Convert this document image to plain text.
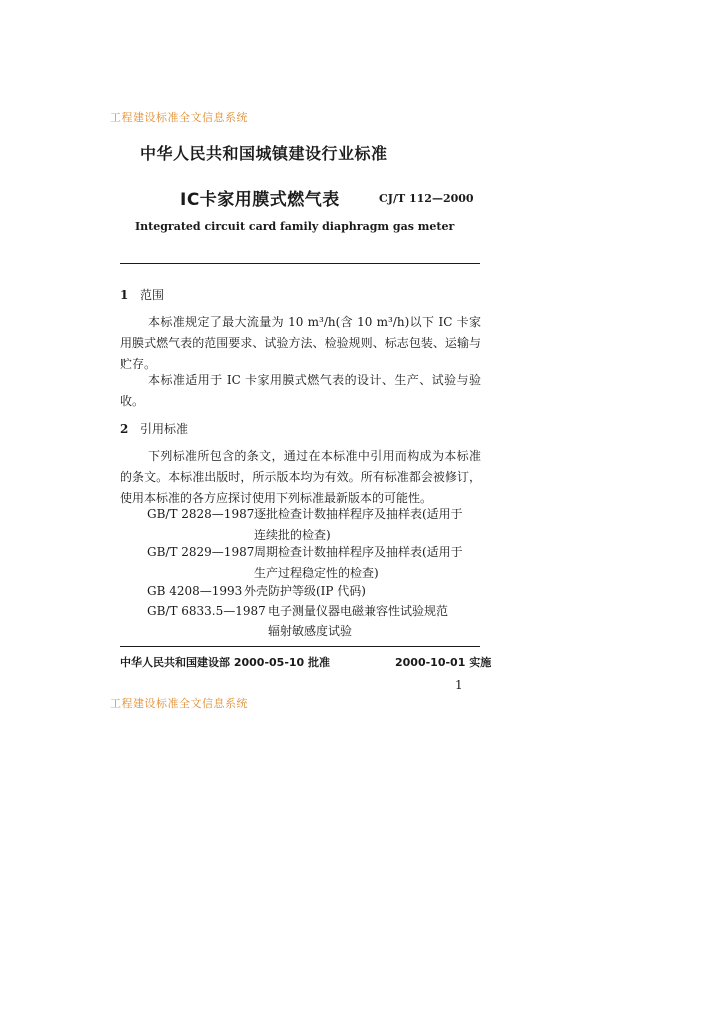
工程建设标准全文信息系统
中华人民共和国城镇建设行业标准
IC卡家用膜式燃气表	CJ/T 112—2000
Integrated circuit card family diaphragm gas meter
1 范围
本标准规定了最大流量为 10 m³/h(含 10 m³/h)以下 IC 卡家用膜式燃气表的范围要求、试验方法、检验规则、标志包装、运输与贮存。
本标准适用于 IC 卡家用膜式燃气表的设计、生产、试验与验收。
2 引用标准
下列标准所包含的条文，通过在本标准中引用而构成为本标准的条文。本标准出版时，所示版本均为有效。所有标准都会被修订，使用本标准的各方应探讨使用下列标准最新版本的可能性。
GB/T 2828—1987 逐批检查计数抽样程序及抽样表(适用于
连续批的检查)
GB/T 2829—1987 周期检查计数抽样程序及抽样表(适用于
生产过程稳定性的检查)
GB 4208—1993 外壳防护等级(IP 代码)
GB/T 6833.5—1987 电子测量仪器电磁兼容性试验规范
辐射敏感度试验
中华人民共和国建设部 2000-05-10 批准	2000-10-01 实施
1
工程建设标准全文信息系统
